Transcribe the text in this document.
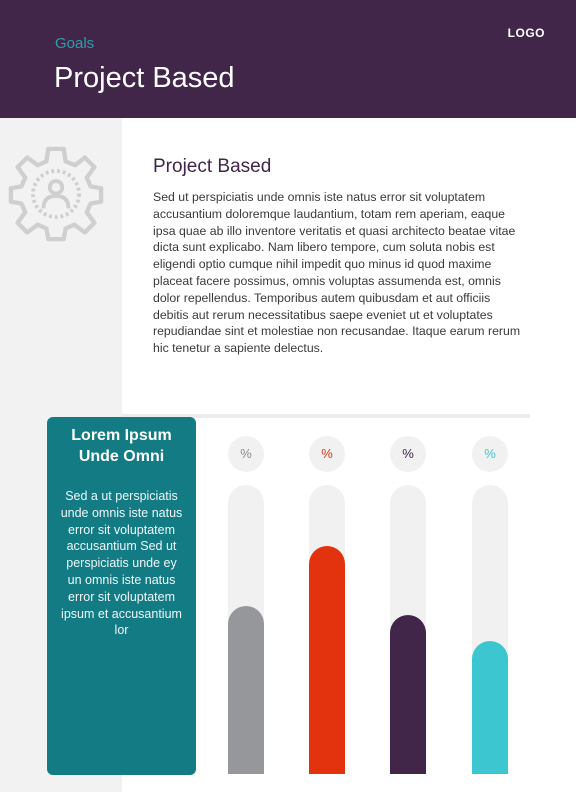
Goals
LOGO
Project Based
Project Based
Sed ut perspiciatis unde omnis iste natus error sit voluptatem accusantium doloremque laudantium, totam rem aperiam, eaque ipsa quae ab illo inventore veritatis et quasi architecto beatae vitae dicta sunt explicabo. Nam libero tempore, cum soluta nobis est eligendi optio cumque nihil impedit quo minus id quod maxime placeat facere possimus, omnis voluptas assumenda est, omnis dolor repellendus. Temporibus autem quibusdam et aut officiis debitis aut rerum necessitatibus saepe eveniet ut et voluptates repudiandae sint et molestiae non recusandae. Itaque earum rerum hic tenetur a sapiente delectus.
Lorem Ipsum
Unde Omni
Sed a ut perspiciatis unde omnis iste natus error sit voluptatem accusantium Sed ut perspiciatis unde ey un omnis iste natus error sit voluptatem ipsum et accusantium lor
%	%	%	%
